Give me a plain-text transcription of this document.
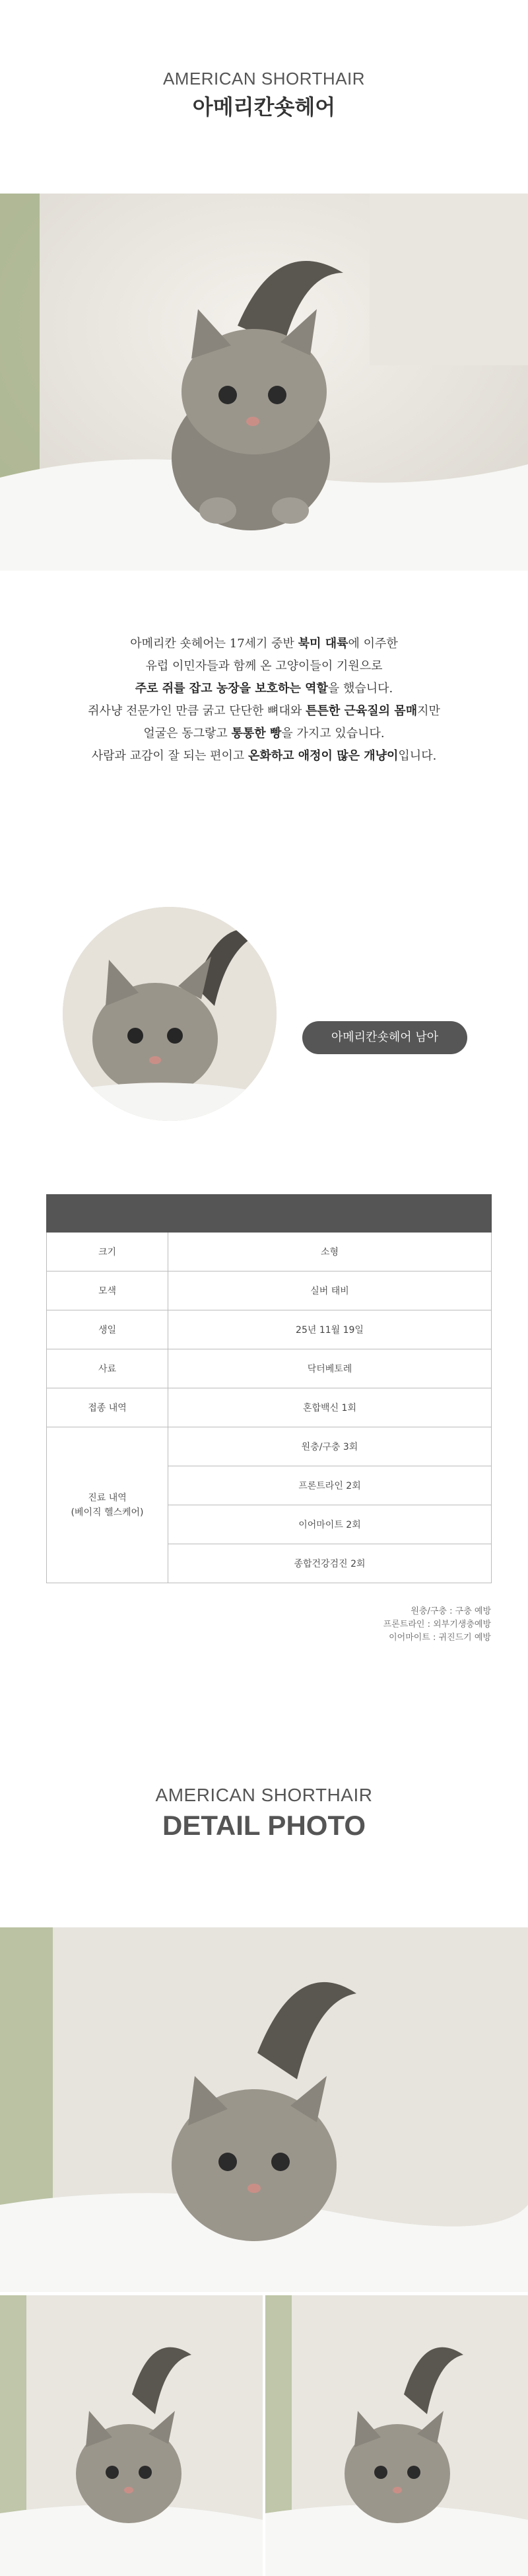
AMERICAN SHORTHAIR
아메리칸숏헤어

아메리칸 숏헤어는 17세기 중반 북미 대륙에 이주한

유럽 이민자들과 함께 온 고양이들이 기원으로

주로 쥐를 잡고 농장을 보호하는 역할을 했습니다.

쥐사냥 전문가인 만큼 굵고 단단한 뼈대와 튼튼한 근육질의 몸매지만

얼굴은 동그랗고 통통한 빵을 가지고 있습니다.

사람과 교감이 잘 되는 편이고 온화하고 애정이 많은 개냥이입니다.

아메리칸숏헤어 남아

크기	소형
모색	실버 태비
생일	25년 11월 19일
사료	닥터베토레
접종 내역	혼합백신 1회

진료 내역
(베이직 헬스케어)	원충/구충 3회
	프론트라인 2회
	이어마이트 2회
	종합건강검진 2회
원충/구충 : 구충 예방
프론트라인 : 외부기생충예방
이어마이트 : 귀진드기 예방
AMERICAN SHORTHAIR
DETAIL PHOTO
